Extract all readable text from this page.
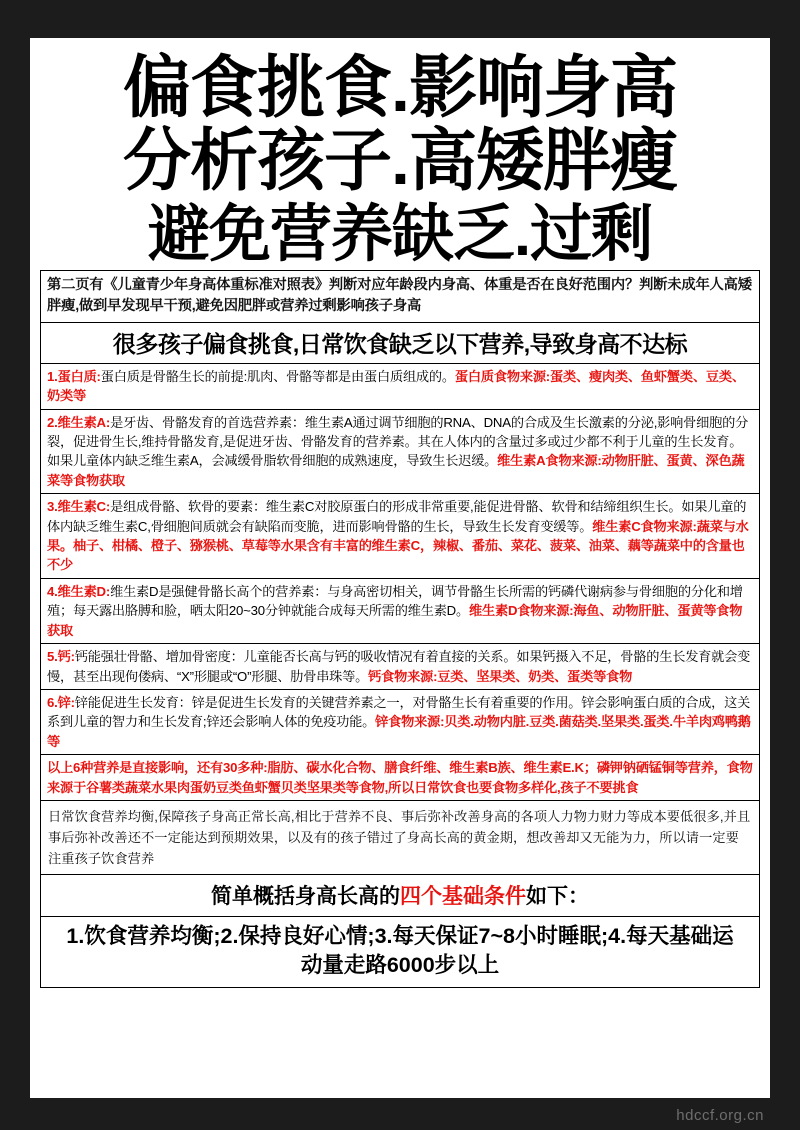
偏食挑食.影响身高
分析孩子.高矮胖瘦
避免营养缺乏.过剩
第二页有《儿童青少年身高体重标准对照表》判断对应年龄段内身高、体重是否在良好范围内？判断未成年人高矮胖瘦,做到早发现早干预,避免因肥胖或营养过剩影响孩子身高
很多孩子偏食挑食,日常饮食缺乏以下营养,导致身高不达标
1.蛋白质:蛋白质是骨骼生长的前提:肌肉、骨骼等都是由蛋白质组成的。蛋白质食物来源:蛋类、瘦肉类、鱼虾蟹类、豆类、奶类等
2.维生素A:是牙齿、骨骼发育的首选营养素：维生素A通过调节细胞的RNA、DNA的合成及生长激素的分泌,影响骨细胞的分裂，促进骨生长,维持骨骼发育,是促进牙齿、骨骼发育的营养素。其在人体内的含量过多或过少都不利于儿童的生长发育。如果儿童体内缺乏维生素A，会减缓骨脂软骨细胞的成熟速度，导致生长迟缓。维生素A食物来源:动物肝脏、蛋黄、深色蔬菜等食物获取
3.维生素C:是组成骨骼、软骨的要素：维生素C对胶原蛋白的形成非常重要,能促进骨骼、软骨和结缔组织生长。如果儿童的体内缺乏维生素C,骨细胞间质就会有缺陷而变脆，进而影响骨骼的生长，导致生长发育变缓等。维生素C食物来源:蔬菜与水果。柚子、柑橘、橙子、猕猴桃、草莓等水果含有丰富的维生素C，辣椒、番茄、菜花、菠菜、油菜、藕等蔬菜中的含量也不少
4.维生素D:维生素D是强健骨骼长高个的营养素：与身高密切相关，调节骨骼生长所需的钙磷代谢病参与骨细胞的分化和增殖；每天露出胳膊和脸，晒太阳20~30分钟就能合成每天所需的维生素D。维生素D食物来源:海鱼、动物肝脏、蛋黄等食物获取
5.钙:钙能强壮骨骼、增加骨密度：儿童能否长高与钙的吸收情况有着直接的关系。如果钙摄入不足，骨骼的生长发育就会变慢，甚至出现佝偻病、“X”形腿或“O”形腿、肋骨串珠等。钙食物来源:豆类、坚果类、奶类、蛋类等食物
6.锌:锌能促进生长发育：锌是促进生长发育的关键营养素之一，对骨骼生长有着重要的作用。锌会影响蛋白质的合成，这关系到儿童的智力和生长发育;锌还会影响人体的免疫功能。锌食物来源:贝类.动物内脏.豆类.菌菇类.坚果类.蛋类.牛羊肉鸡鸭鹅等
以上6种营养是直接影响，还有30多种:脂肪、碳水化合物、膳食纤维、维生素B族、维生素E.K；磷钾钠硒锰铜等营养，食物来源于谷薯类蔬菜水果肉蛋奶豆类鱼虾蟹贝类坚果类等食物,所以日常饮食也要食物多样化,孩子不要挑食
日常饮食营养均衡,保障孩子身高正常长高,相比于营养不良、事后弥补改善身高的各项人力物力财力等成本要低很多,并且事后弥补改善还不一定能达到预期效果，以及有的孩子错过了身高长高的黄金期，想改善却又无能为力，所以请一定要注重孩子饮食营养
简单概括身高长高的四个基础条件如下：
1.饮食营养均衡;2.保持良好心情;3.每天保证7~8小时睡眠;4.每天基础运动量走路6000步以上
hdccf.org.cn
